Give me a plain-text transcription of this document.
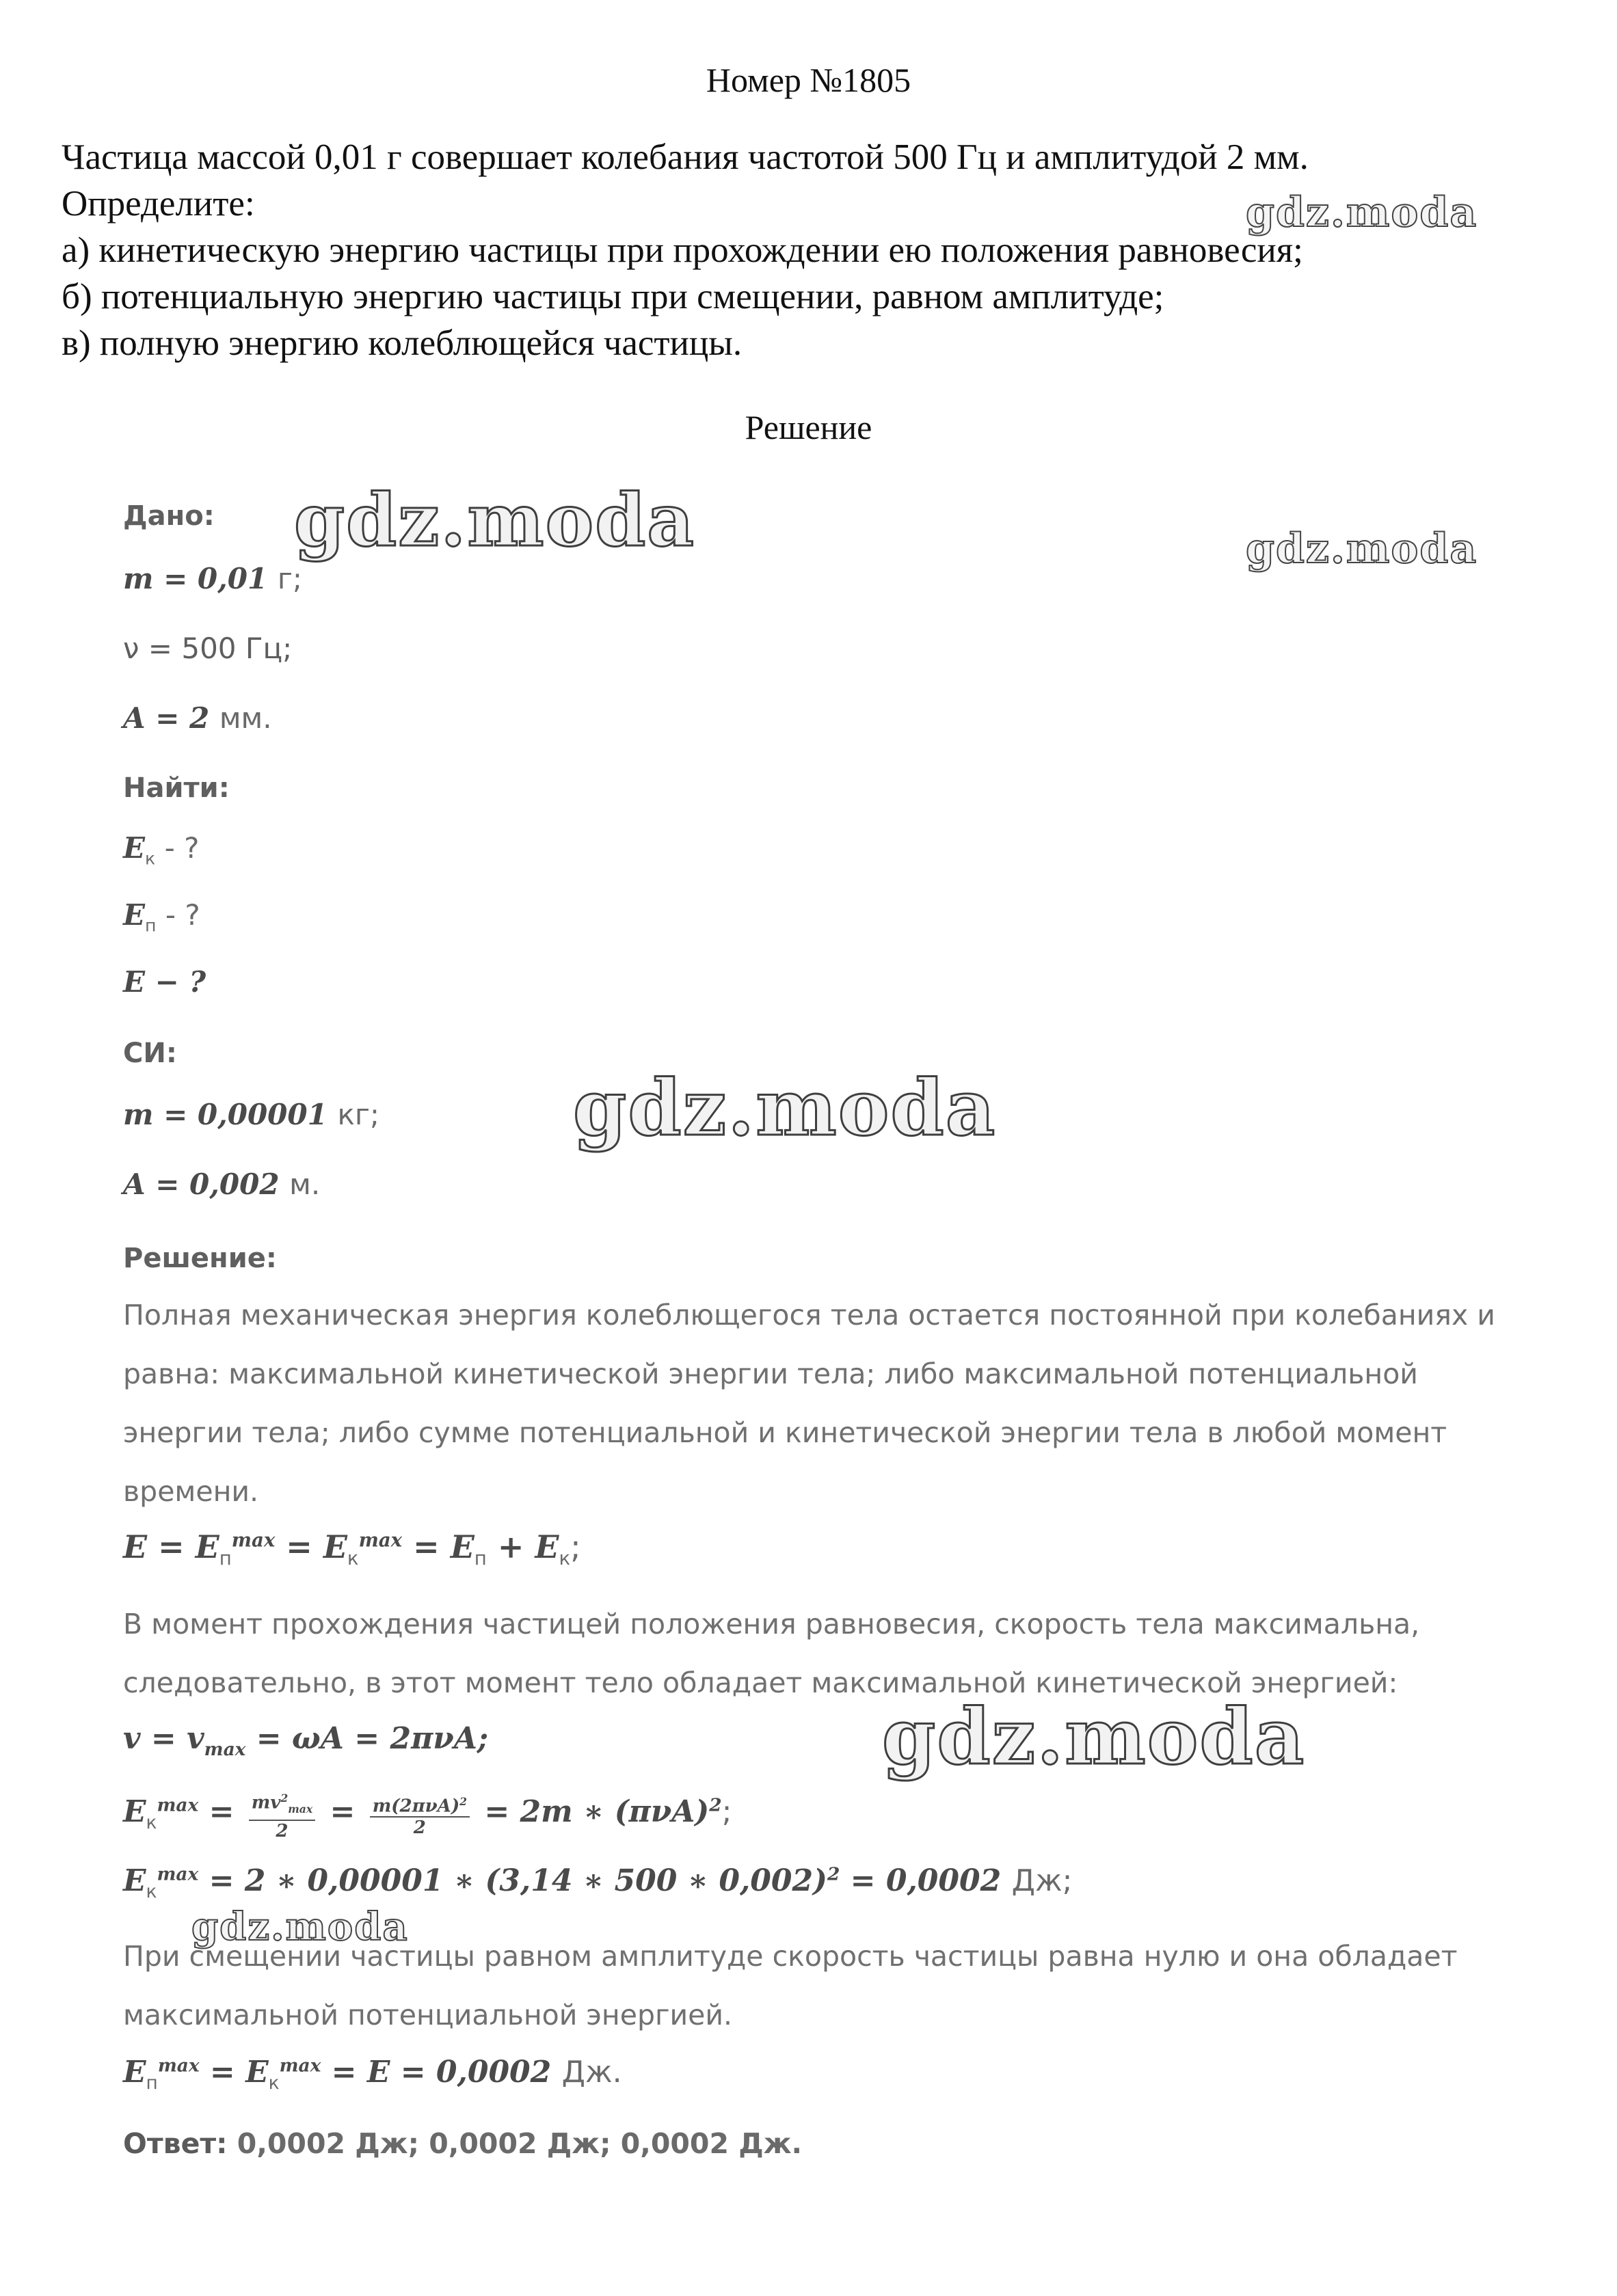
Номер №1805
Частица массой 0,01 г совершает колебания частотой 500 Гц и амплитудой 2 мм.
Определите:
а) кинетическую энергию частицы при прохождении ею положения равновесия;
б) потенциальную энергию частицы при смещении, равном амплитуде;
в) полную энергию колеблющейся частицы.
Решение
Дано:
m = 0,01 г;
ν = 500 Гц;
A = 2 мм.
Найти:
$E_к$ - ?
$E_п$ - ?
E − ?
СИ:
m = 0,00001 кг;
A = 0,002 м.
Решение:
Полная механическая энергия колеблющегося тела остается постоянной при колебаниях и
равна: максимальной кинетической энергии тела; либо максимальной потенциальной
энергии тела; либо сумме потенциальной и кинетической энергии тела в любой момент
времени.
$E = E_п^{max} = E_к^{max} = E_п + E_к$;
В момент прохождения частицей положения равновесия, скорость тела максимальна,
следовательно, в этот момент тело обладает максимальной кинетической энергией:
$v = v_{max} = \omega A = 2\pi\nu A$;
$E_к^{max} = \frac{mv^2_{max}}{2} = \frac{m(2\pi\nu A)^2}{2} = 2m$ ∗ $(\pi\nu A)^2$;
$E_к^{max} = 2$ ∗ 0,00001 ∗ (3,14 ∗ 500 ∗ 0,002)$^2$ = 0,0002 Дж;
При смещении частицы равном амплитуде скорость частицы равна нулю и она обладает
максимальной потенциальной энергией.
$E_п^{max} = E_к^{max} = E = 0,0002$ Дж.
Ответ: 0,0002 Дж; 0,0002 Дж; 0,0002 Дж.
gdz.moda
gdz.moda	gdz.moda
gdz.moda
gdz.moda
gdz.moda
